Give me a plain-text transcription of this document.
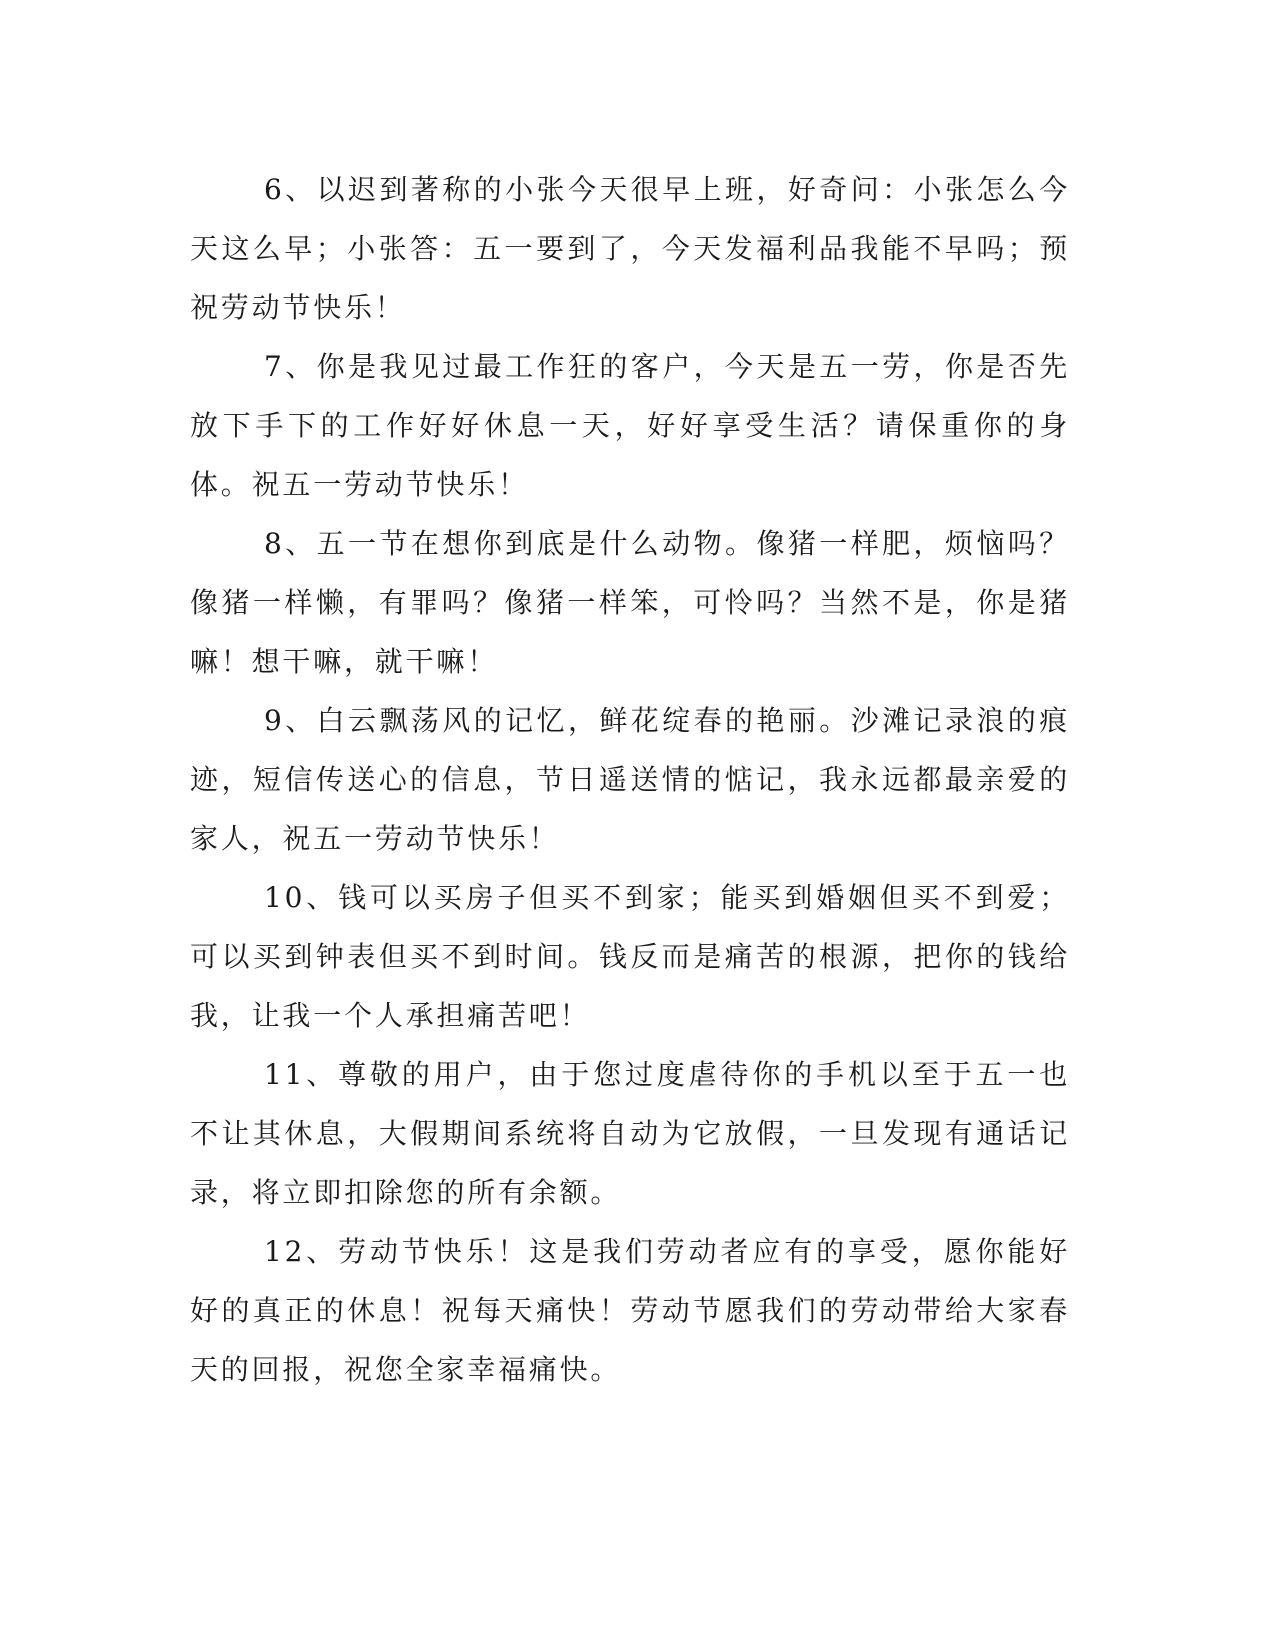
6、以迟到著称的小张今天很早上班，好奇问：小张怎么今天这么早；小张答：五一要到了，今天发福利品我能不早吗；预祝劳动节快乐！

7、你是我见过最工作狂的客户，今天是五一劳，你是否先放下手下的工作好好休息一天，好好享受生活？请保重你的身体。祝五一劳动节快乐！

8、五一节在想你到底是什么动物。像猪一样肥，烦恼吗？像猪一样懒，有罪吗？像猪一样笨，可怜吗？当然不是，你是猪嘛！想干嘛，就干嘛！

9、白云飘荡风的记忆，鲜花绽春的艳丽。沙滩记录浪的痕迹，短信传送心的信息，节日遥送情的惦记，我永远都最亲爱的家人，祝五一劳动节快乐！

10、钱可以买房子但买不到家；能买到婚姻但买不到爱；可以买到钟表但买不到时间。钱反而是痛苦的根源，把你的钱给我，让我一个人承担痛苦吧！

11、尊敬的用户，由于您过度虐待你的手机以至于五一也不让其休息，大假期间系统将自动为它放假，一旦发现有通话记录，将立即扣除您的所有余额。

12、劳动节快乐！这是我们劳动者应有的享受，愿你能好好的真正的休息！祝每天痛快！劳动节愿我们的劳动带给大家春天的回报，祝您全家幸福痛快。
